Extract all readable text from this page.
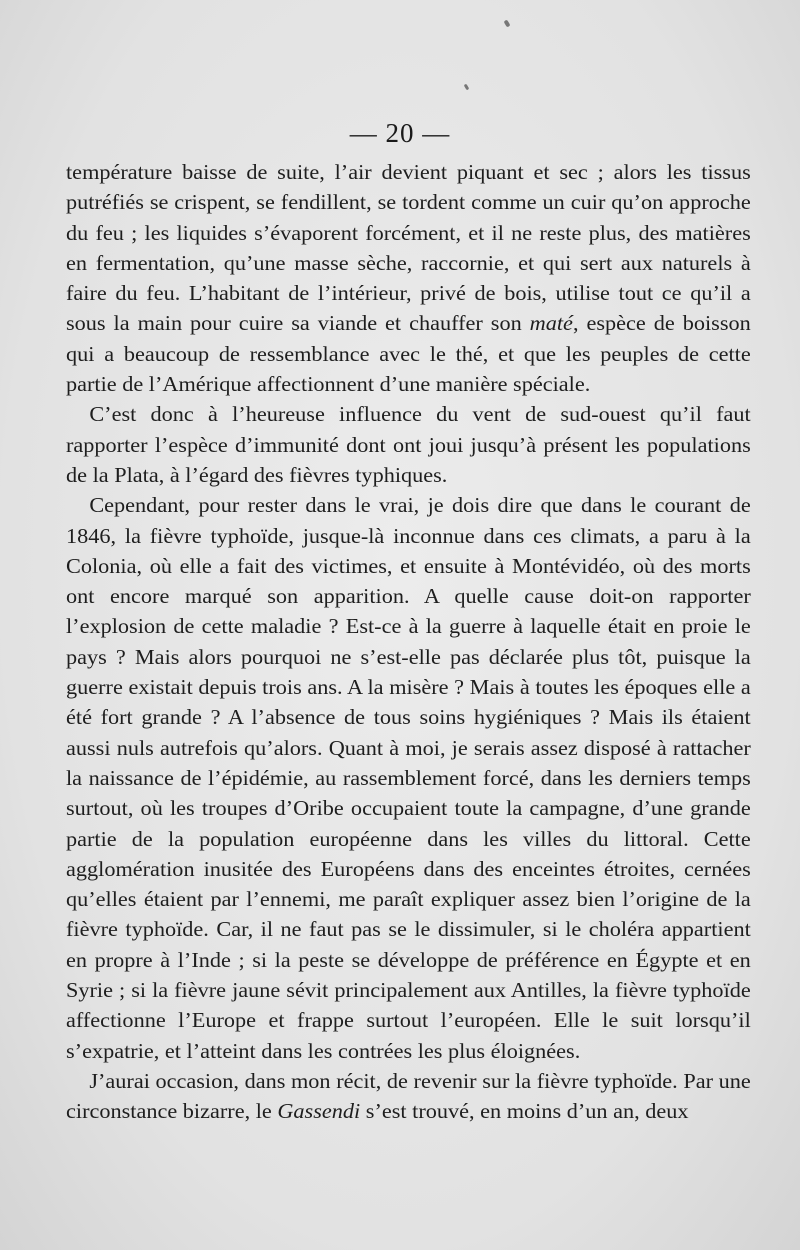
— 20 —

température baisse de suite, l’air devient piquant et sec ; alors les tissus putréfiés se crispent, se fendillent, se tordent comme un cuir qu’on approche du feu ; les liquides s’évaporent forcément, et il ne reste plus, des matières en fermentation, qu’une masse sèche, raccornie, et qui sert aux naturels à faire du feu. L’habitant de l’intérieur, privé de bois, utilise tout ce qu’il a sous la main pour cuire sa viande et chauffer son maté, espèce de boisson qui a beaucoup de ressemblance avec le thé, et que les peuples de cette partie de l’Amérique affectionnent d’une manière spéciale.

C’est donc à l’heureuse influence du vent de sud-ouest qu’il faut rapporter l’espèce d’immunité dont ont joui jusqu’à présent les populations de la Plata, à l’égard des fièvres typhiques.

Cependant, pour rester dans le vrai, je dois dire que dans le courant de 1846, la fièvre typhoïde, jusque-là inconnue dans ces climats, a paru à la Colonia, où elle a fait des victimes, et ensuite à Montévidéo, où des morts ont encore marqué son apparition. A quelle cause doit-on rapporter l’explosion de cette maladie ? Est-ce à la guerre à laquelle était en proie le pays ? Mais alors pourquoi ne s’est-elle pas déclarée plus tôt, puisque la guerre existait depuis trois ans. A la misère ? Mais à toutes les époques elle a été fort grande ? A l’absence de tous soins hygiéniques ? Mais ils étaient aussi nuls autrefois qu’alors. Quant à moi, je serais assez disposé à rattacher la naissance de l’épidémie, au rassemblement forcé, dans les derniers temps surtout, où les troupes d’Oribe occupaient toute la campagne, d’une grande partie de la population européenne dans les villes du littoral. Cette agglomération inusitée des Européens dans des enceintes étroites, cernées qu’elles étaient par l’ennemi, me paraît expliquer assez bien l’origine de la fièvre typhoïde. Car, il ne faut pas se le dissimuler, si le choléra appartient en propre à l’Inde ; si la peste se développe de préférence en Égypte et en Syrie ; si la fièvre jaune sévit principalement aux Antilles, la fièvre typhoïde affectionne l’Europe et frappe surtout l’européen. Elle le suit lorsqu’il s’expatrie, et l’atteint dans les contrées les plus éloignées.

J’aurai occasion, dans mon récit, de revenir sur la fièvre typhoïde. Par une circonstance bizarre, le Gassendi s’est trouvé, en moins d’un an, deux
